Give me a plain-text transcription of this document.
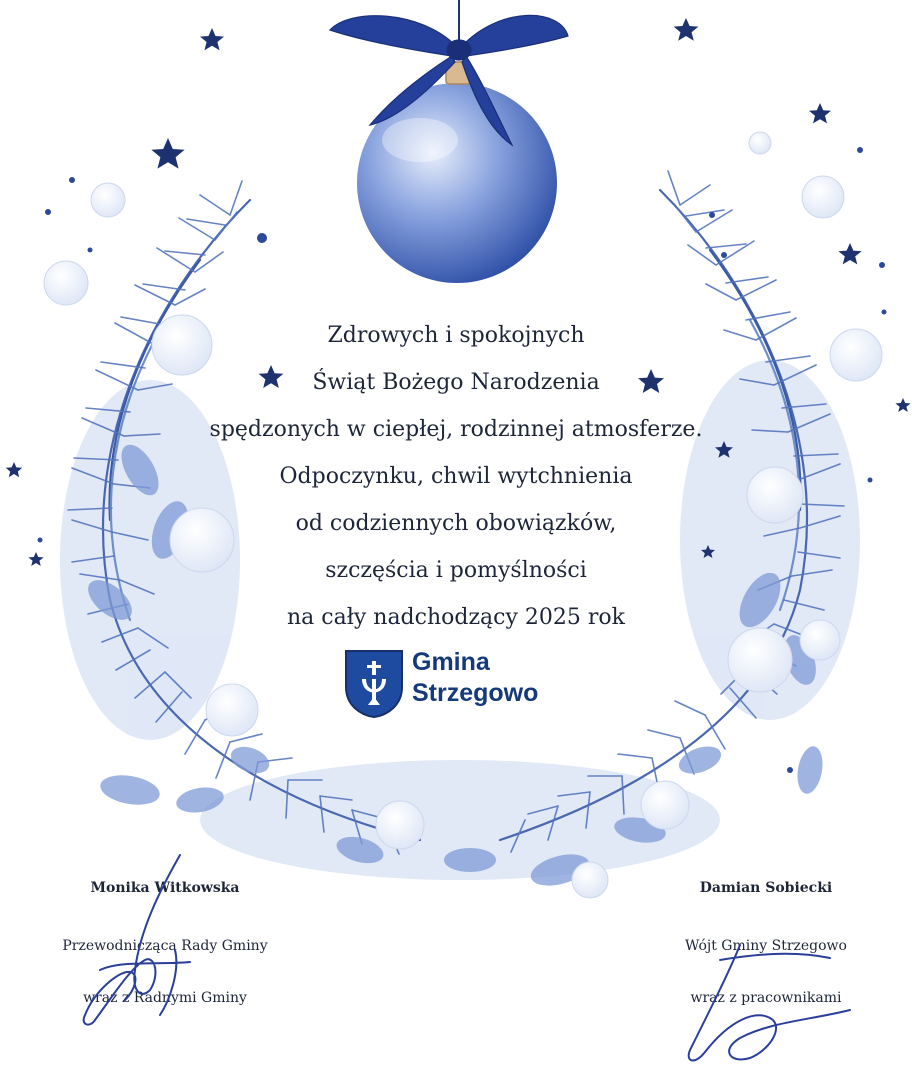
Zdrowych i spokojnych
Świąt Bożego Narodzenia
spędzonych w ciepłej, rodzinnej atmosferze.
Odpoczynku, chwil wytchnienia
od codziennych obowiązków,
szczęścia i pomyślności
na cały nadchodzący 2025 rok
Gmina
Strzegowo
Monika Witkowska
Przewodnicząca Rady Gminy
wraz z Radnymi Gminy
Damian Sobiecki
Wójt Gminy Strzegowo
wraz z pracownikami
